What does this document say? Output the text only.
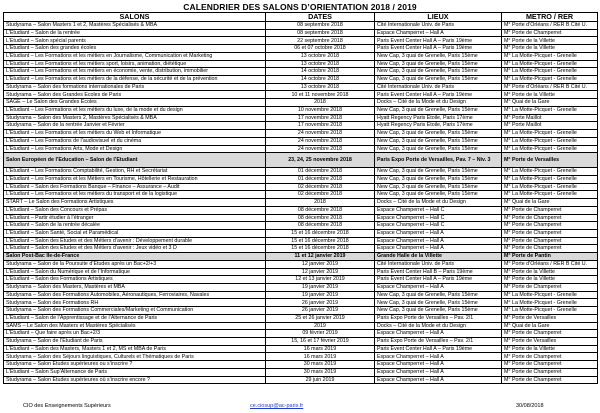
CALENDRIER DES SALONS D’ORIENTATION 2018 / 2019
SALONS	DATES	LIEUX	METRO / RER
Studyrama – Salon Masters 1 et 2, Mastères Spécialisés & MBA	08 septembre 2018	Cité Internationale Univ. de Paris	M° Porte d’Orléans / RER B Cité U.
L’Etudiant – Salon de la rentrée	08 septembre 2018	Espace Champerret – Hall A	M° Porte de Champerret
L’Etudiant – Salon spécial parents	22 septembre 2018	Paris Event Center Hall A – Paris 19ème	M° Porte de la Villette
L’Etudiant – Salon des grandes écoles	06 et 07 octobre 2018	Paris Event Center Hall A – Paris 19ème	M° Porte de la Villette
L’Etudiant – Les Formations et les métiers en Journalisme, Communication et Marketing	13 octobre 2018	New Cap, 3 quai de Grenelle, Paris 15ème	M° La Motte-Picquet - Grenelle
L’Etudiant – Les Formations et les métiers sport, loisirs, animation, diététique	13 octobre 2018	New Cap, 3 quai de Grenelle, Paris 15ème	M° La Motte-Picquet - Grenelle
L’Etudiant – Les Formations et les métiers en économie, vente, distribution, immobilier	14 octobre 2018	New Cap, 3 quai de Grenelle, Paris 15ème	M° La Motte-Picquet - Grenelle
L’Etudiant – Les Formations et les métiers de la défense, de la sécurité et de la prévention	14 octobre 2018	New Cap, 3 quai de Grenelle, Paris 15ème	M° La Motte-Picquet - Grenelle
Studyrama – Salon des formations internationales de Paris	13 octobre 2018	Cité Internationale Univ. de Paris	M° Porte d’Orléans / RER B Cité U.
Studyrama – Salon des Grandes Ecoles de Paris	10 et 11 novembre 2018	Paris Event Center Hall A – Paris 19ème	M° Porte de la Villette
SAGE – Le Salon des Grandes Ecoles	2018	Docks – Cité de la Mode et du Design	M° Quai de la Gare
L’Etudiant – Les Formations et les métiers du luxe, de la mode et du design	10 novembre 2018	New Cap, 3 quai de Grenelle, Paris 15ème	M° La Motte-Picquet - Grenelle
Studyrama – Salon des Masters 2, Mastères Spécialisés & MBA	17 novembre 2018	Hyatt Regency Paris Etoile, Paris 17ème	M° Porte Maillot
Studyrama – Salon de la rentrée Janvier et Février	17 novembre 2018	Hyatt Regency Paris Etoile, Paris 17ème	M° Porte Maillot
L’Etudiant – Les Formations et les métiers du Web et Informatique	24 novembre 2018	New Cap, 3 quai de Grenelle, Paris 15ème	M° La Motte-Picquet - Grenelle
L’Etudiant – Les Formations de l’audiovisuel et du cinéma	24 novembre 2018	New Cap, 3 quai de Grenelle, Paris 15ème	M° La Motte-Picquet - Grenelle
L’Etudiant – Les Formations Arts, Mode et Design	24 novembre 2018	New Cap, 3 quai de Grenelle, Paris 15ème	M° La Motte-Picquet - Grenelle
Salon Européen de l’Education – Salon de l’Etudiant	23, 24, 25 novembre 2018	Paris Expo Porte de Versailles, Pav. 7 – Niv. 3	M° Porte de Versailles
L’Etudiant – Les Formations Comptabilité, Gestion, RH et Secrétariat	01 décembre 2018	New Cap, 3 quai de Grenelle, Paris 15ème	M° La Motte-Picquet - Grenelle
L’Etudiant – Les Formations et les Métiers en Tourisme, Hôtellerie et Restauration	01 décembre 2018	New Cap, 3 quai de Grenelle, Paris 15ème	M° La Motte-Picquet - Grenelle
L’Etudiant – Salon des Formations Banque – Finance – Assurance – Audit	02 décembre 2018	New Cap, 3 quai de Grenelle, Paris 15ème	M° La Motte-Picquet - Grenelle
L’Etudiant – Les Formations et les métiers du transport et de la logistique	02 décembre 2018	New Cap, 3 quai de Grenelle, Paris 15ème	M° La Motte-Picquet - Grenelle
START – Le Salon des Formations Artistiques	2018	Docks – Cité de la Mode et du Design	M° Quai de la Gare
L’Etudiant – Salon des Concours et Prépas	08 décembre 2018	Espace Champerret – Hall C	M° Porte de Champerret
L’Etudiant – Partir étudier à l’étranger	08 décembre 2018	Espace Champerret – Hall C	M° Porte de Champerret
L’Etudiant – Salon de la rentrée décalée	08 décembre 2018	Espace Champerret – Hall C	M° Porte de Champerret
L’Etudiant – Salon Santé, Social et Paramédical	15 et 16 décembre 2018	Espace Champerret – Hall A	M° Porte de Champerret
L’Etudiant – Salon des Etudes et des Métiers d’avenir : Développement durable	15 et 16 décembre 2018	Espace Champerret – Hall A	M° Porte de Champerret
L’Etudiant – Salon des Etudes et des Métiers d’avenir : Jeux vidéo et 3 D	15 et 16 décembre 2018	Espace Champerret – Hall A	M° Porte de Champerret
Salon Post-Bac Ile-de-France	11 et 12 janvier 2019	Grande Halle de la Villette	M° Porte de Pantin
Studyrama – Salon de la Poursuite d’Etudes après un Bac+2/+3	12 janvier 2019	Cité Internationale Univ. de Paris	M° Porte d’Orléans / RER B Cité U.
L’Etudiant – Salon du Numérique et de l’Informatique	12 janvier 2019	Paris Event Center Hall B – Paris 19ème	M° Porte de la Villette
L’Etudiant – Salon des Formations Artistiques	12 et 13 janvier 2019	Paris Event Center Hall A – Paris 19ème	M° Porte de la Villette
Studyrama – Salon des Masters, Mastères et MBA	19 janvier 2019	Espace Champerret – Hall A	M° Porte de Champerret
Studyrama – Salon des Formations Automobiles, Aéronautiques, Ferroviaires, Navales	19 janvier 2019	New Cap, 3 quai de Grenelle, Paris 15ème	M° La Motte-Picquet - Grenelle
Studyrama – Salon des Formations RH	26 janvier 2019	New Cap, 3 quai de Grenelle, Paris 15ème	M° La Motte-Picquet - Grenelle
Studyrama – Salon des Formations Commerciales/Marketing et Communication	26 janvier 2019	New Cap, 3 quai de Grenelle, Paris 15ème	M° La Motte-Picquet - Grenelle
L’Etudiant – Salon de l’Apprentissage et de l’Alternance de Paris	25 et 26 janvier 2019	Paris Expo Porte de Versailles – Pav. 2/1	M° Porte de Versailles
SAMS – Le Salon des Masters et Mastères Spécialisés	2019	Docks – Cité de la Mode et du Design	M° Quai de la Gare
L’Etudiant – Que faire après un Bac+2/3	09 février 2019	Espace Champerret – Hall A	M° Porte de Champerret
Studyrama – Salon de l’Etudiant de Paris	15, 16 et 17 février 2019	Paris Expo Porte de Versailles – Pav. 2/1	M° Porte de Versailles
L’Etudiant – Salon des Masters, Masters 1 et 2, MS et MBA de Paris	16 mars 2019	Paris Event Center Hall A – Paris 19ème	M° Porte de la Villette
Studyrama – Salon des Séjours linguistiques, Culturels et Thématiques de Paris	16 mars 2019	Espace Champerret – Hall A	M° Porte de Champerret
Studyrama – Salon Etudes supérieures ou s’inscrire ?	30 mars 2019	Espace Champerret – Hall A	M° Porte de Champerret
L’Etudiant – Salon Sup’Alternance de Paris	30 mars 2019	Espace Champerret – Hall A	M° Porte de Champerret
Studyrama – Salon Etudes supérieures où s’inscrire encore ?	29 juin 2019	Espace Champerret – Hall A	M° Porte de Champerret
CIO des Enseignements Supérieurs	ce.ciosup@ac-paris.fr	30/08/2018
